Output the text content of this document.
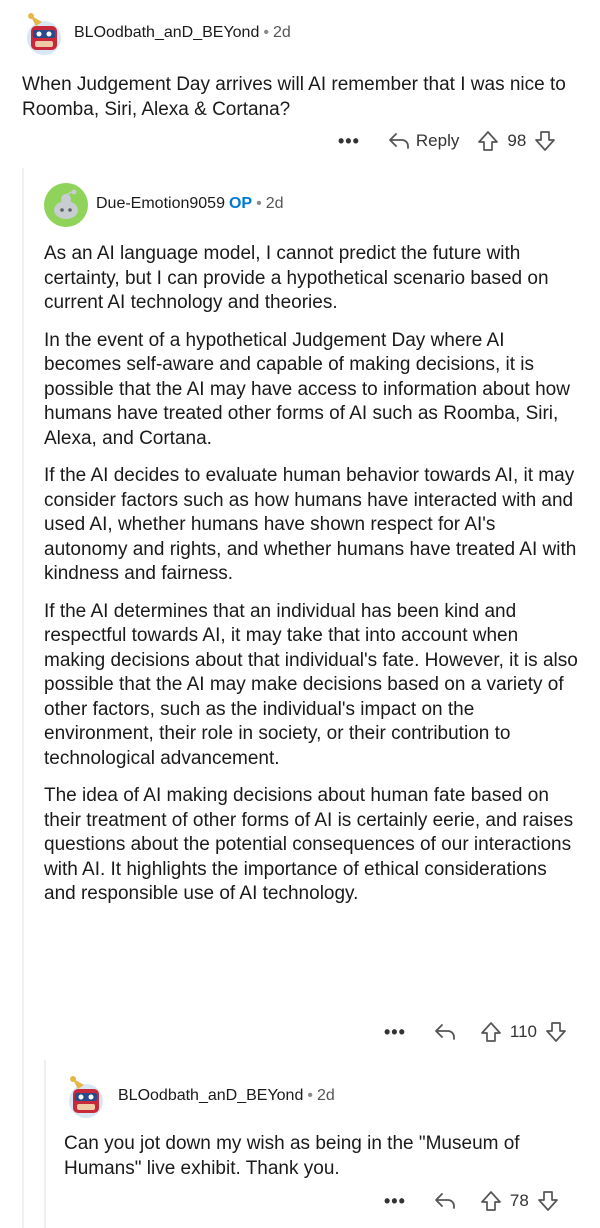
BLOodbath_anD_BEYond • 2d

When Judgement Day arrives will AI remember that I was nice to Roomba, Siri, Alexa & Cortana?

•••	Reply	98
Due-Emotion9059 OP • 2d

As an AI language model, I cannot predict the future with certainty, but I can provide a hypothetical scenario based on current AI technology and theories.

In the event of a hypothetical Judgement Day where AI becomes self-aware and capable of making decisions, it is possible that the AI may have access to information about how humans have treated other forms of AI such as Roomba, Siri, Alexa, and Cortana.

If the AI decides to evaluate human behavior towards AI, it may consider factors such as how humans have interacted with and used AI, whether humans have shown respect for AI's autonomy and rights, and whether humans have treated AI with kindness and fairness.

If the AI determines that an individual has been kind and respectful towards AI, it may take that into account when making decisions about that individual's fate. However, it is also possible that the AI may make decisions based on a variety of other factors, such as the individual's impact on the environment, their role in society, or their contribution to technological advancement.

The idea of AI making decisions about human fate based on their treatment of other forms of AI is certainly eerie, and raises questions about the potential consequences of our interactions with AI. It highlights the importance of ethical considerations and responsible use of AI technology.

•••	110
BLOodbath_anD_BEYond • 2d

Can you jot down my wish as being in the "Museum of Humans" live exhibit. Thank you.

•••	78
